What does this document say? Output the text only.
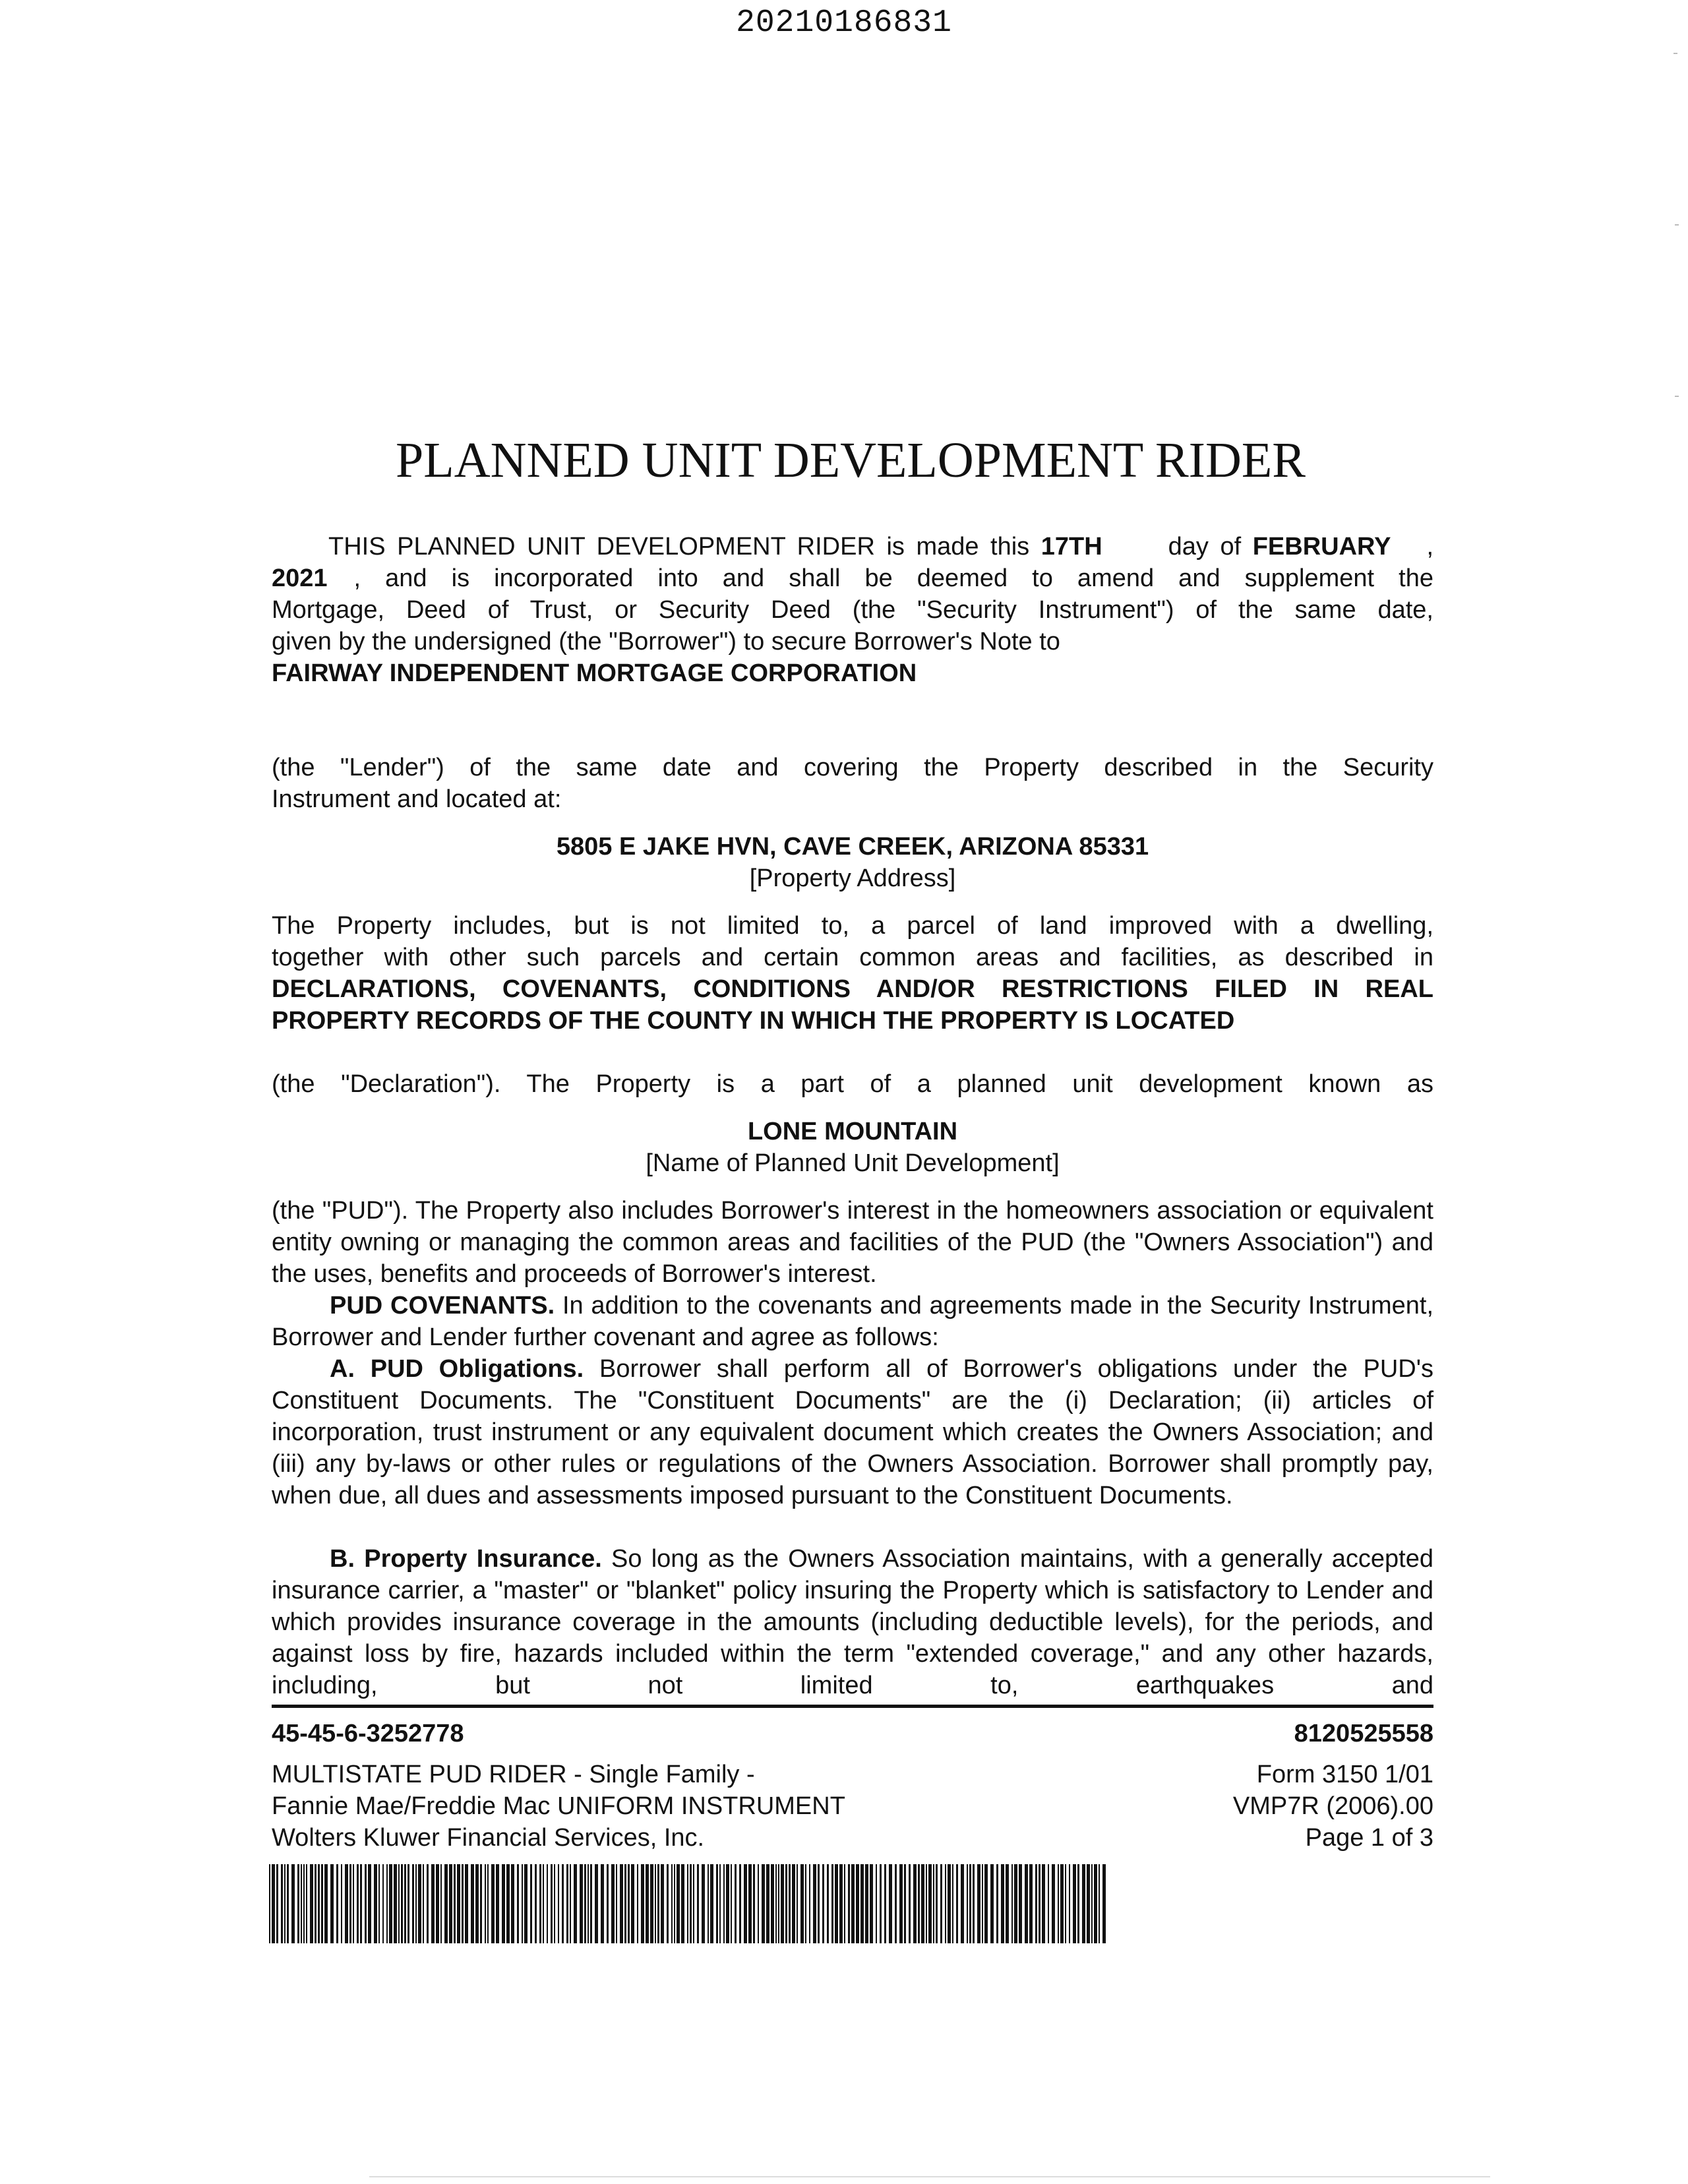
20210186831
PLANNED UNIT DEVELOPMENT RIDER
THIS PLANNED UNIT DEVELOPMENT RIDER is made this 17TH	day of FEBRUARY ,
2021 , and is incorporated into and shall be deemed to amend and supplement the
Mortgage, Deed of Trust, or Security Deed (the "Security Instrument") of the same date,
given by the undersigned (the "Borrower") to secure Borrower's Note to
FAIRWAY INDEPENDENT MORTGAGE CORPORATION
(the "Lender") of the same date and covering the Property described in the Security
Instrument and located at:
5805 E JAKE HVN, CAVE CREEK, ARIZONA 85331
[Property Address]
The Property includes, but is not limited to, a parcel of land improved with a dwelling,
together with other such parcels and certain common areas and facilities, as described in
DECLARATIONS, COVENANTS, CONDITIONS AND/OR RESTRICTIONS FILED IN REAL
PROPERTY RECORDS OF THE COUNTY IN WHICH THE PROPERTY IS LOCATED
(the "Declaration"). The Property is a part of a planned unit development known as
LONE MOUNTAIN
[Name of Planned Unit Development]
(the "PUD"). The Property also includes Borrower's interest in the homeowners association or equivalent entity owning or managing the common areas and facilities of the PUD (the "Owners Association") and the uses, benefits and proceeds of Borrower's interest.
PUD COVENANTS. In addition to the covenants and agreements made in the Security Instrument, Borrower and Lender further covenant and agree as follows:
A. PUD Obligations. Borrower shall perform all of Borrower's obligations under the PUD's Constituent Documents. The "Constituent Documents" are the (i) Declaration; (ii) articles of incorporation, trust instrument or any equivalent document which creates the Owners Association; and (iii) any by-laws or other rules or regulations of the Owners Association. Borrower shall promptly pay, when due, all dues and assessments imposed pursuant to the Constituent Documents.
B. Property Insurance. So long as the Owners Association maintains, with a generally accepted insurance carrier, a "master" or "blanket" policy insuring the Property which is satisfactory to Lender and which provides insurance coverage in the amounts (including deductible levels), for the periods, and against loss by fire, hazards included within the term "extended coverage," and any other hazards, including, but not limited to, earthquakes and
45-45-6-3252778	8120525558
MULTISTATE PUD RIDER - Single Family -	Form 3150 1/01
Fannie Mae/Freddie Mac UNIFORM INSTRUMENT	VMP7R (2006).00
Wolters Kluwer Financial Services, Inc.	Page 1 of 3
